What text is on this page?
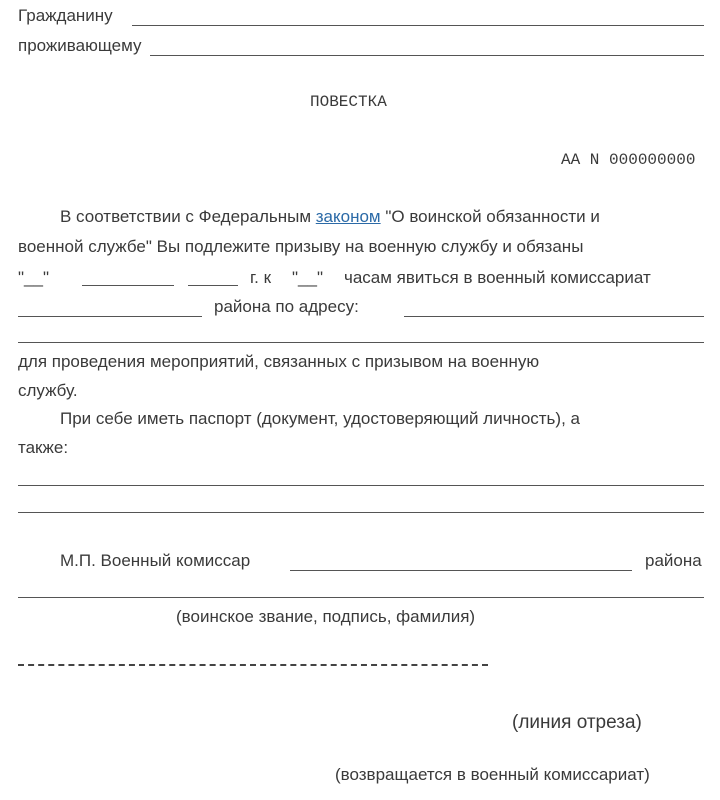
Гражданину
проживающему
ПОВЕСТКА
АА N 000000000
В соответствии с Федеральным законом "О воинской обязанности и
военной службе" Вы подлежите призыву на военную службу и обязаны
"__"	г. к "__" часам явиться в военный комиссариат
района по адресу:
для проведения мероприятий, связанных с призывом на военную
службу.
При себе иметь паспорт (документ, удостоверяющий личность), а
также:
М.П. Военный комиссар	района
(воинское звание, подпись, фамилия)
(линия отреза)
(возвращается в военный комиссариат)
